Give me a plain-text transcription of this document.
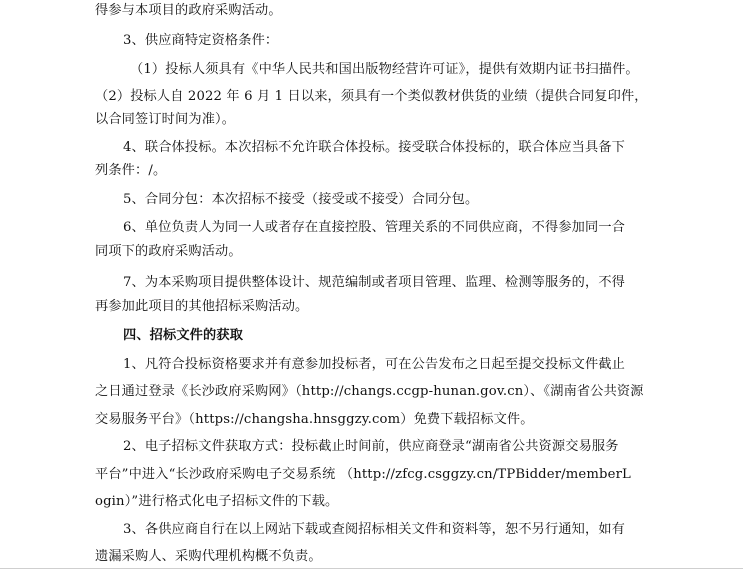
得参与本项目的政府采购活动。
3、供应商特定资格条件：
（1）投标人须具有《中华人民共和国出版物经营许可证》，提供有效期内证书扫描件。
（2）投标人自 2022 年 6 月 1 日以来，须具有一个类似教材供货的业绩（提供合同复印件，
以合同签订时间为准）。
4、联合体投标。本次招标不允许联合体投标。接受联合体投标的，联合体应当具备下
列条件：/。
5、合同分包：本次招标不接受（接受或不接受）合同分包。
6、单位负责人为同一人或者存在直接控股、管理关系的不同供应商，不得参加同一合
同项下的政府采购活动。
7、为本采购项目提供整体设计、规范编制或者项目管理、监理、检测等服务的，不得
再参加此项目的其他招标采购活动。
四、招标文件的获取
1、凡符合投标资格要求并有意参加投标者，可在公告发布之日起至提交投标文件截止
之日通过登录《长沙政府采购网》（http://changs.ccgp-hunan.gov.cn）、《湖南省公共资源
交易服务平台》（https://changsha.hnsggzy.com）免费下载招标文件。
2、电子招标文件获取方式：投标截止时间前，供应商登录“湖南省公共资源交易服务
平台”中进入“长沙政府采购电子交易系统 （http://zfcg.csggzy.cn/TPBidder/memberL
ogin）”进行格式化电子招标文件的下载。
3、各供应商自行在以上网站下载或查阅招标相关文件和资料等，恕不另行通知，如有
遗漏采购人、采购代理机构概不负责。
